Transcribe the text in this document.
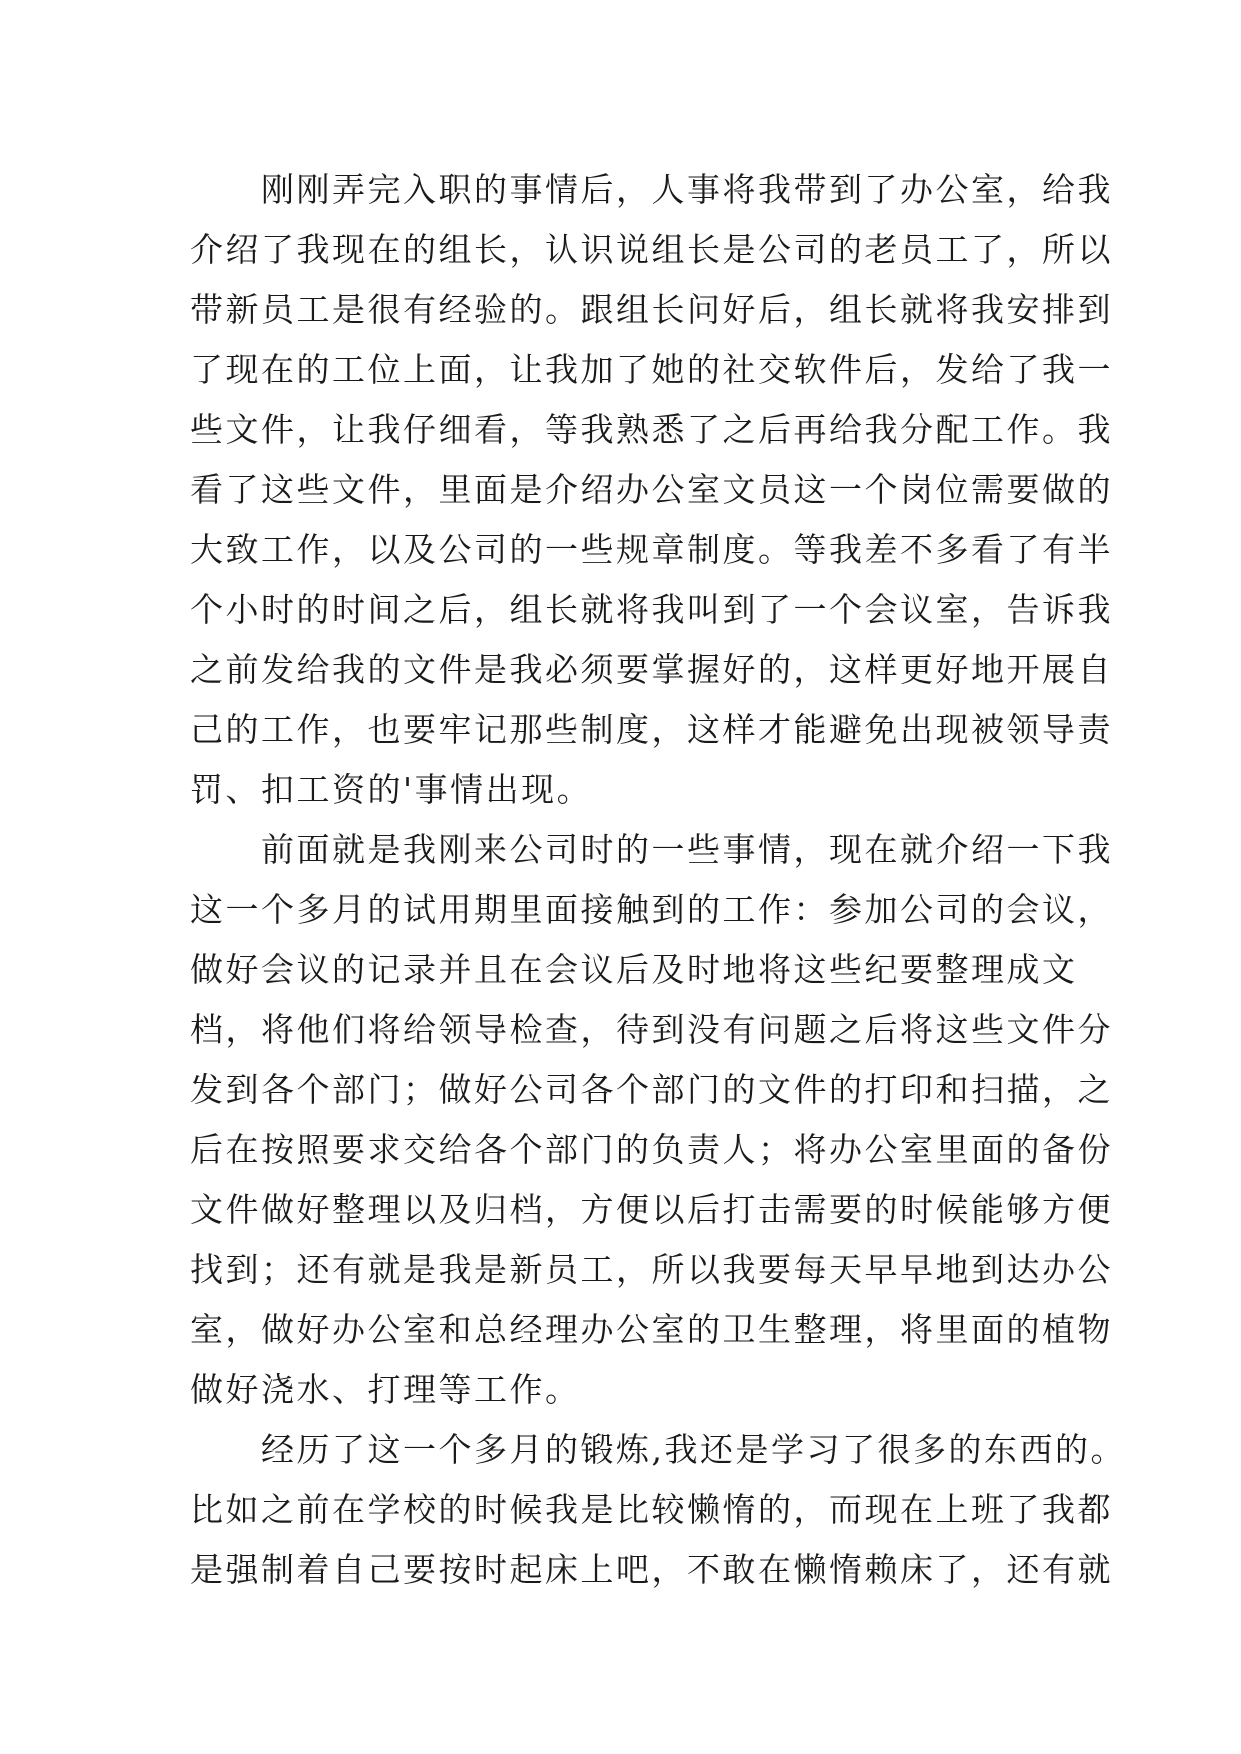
　　刚刚弄完入职的事情后，人事将我带到了办公室，给我
介绍了我现在的组长，认识说组长是公司的老员工了，所以
带新员工是很有经验的。跟组长问好后，组长就将我安排到
了现在的工位上面，让我加了她的社交软件后，发给了我一
些文件，让我仔细看，等我熟悉了之后再给我分配工作。我
看了这些文件，里面是介绍办公室文员这一个岗位需要做的
大致工作，以及公司的一些规章制度。等我差不多看了有半
个小时的时间之后，组长就将我叫到了一个会议室，告诉我
之前发给我的文件是我必须要掌握好的，这样更好地开展自
己的工作，也要牢记那些制度，这样才能避免出现被领导责
罚、扣工资的'事情出现。
　　前面就是我刚来公司时的一些事情，现在就介绍一下我
这一个多月的试用期里面接触到的工作：参加公司的会议，
做好会议的记录并且在会议后及时地将这些纪要整理成文
档，将他们将给领导检查，待到没有问题之后将这些文件分
发到各个部门；做好公司各个部门的文件的打印和扫描，之
后在按照要求交给各个部门的负责人；将办公室里面的备份
文件做好整理以及归档，方便以后打击需要的时候能够方便
找到；还有就是我是新员工，所以我要每天早早地到达办公
室，做好办公室和总经理办公室的卫生整理，将里面的植物
做好浇水、打理等工作。
　　经历了这一个多月的锻炼,我还是学习了很多的东西的。
比如之前在学校的时候我是比较懒惰的，而现在上班了我都
是强制着自己要按时起床上吧，不敢在懒惰赖床了，还有就
